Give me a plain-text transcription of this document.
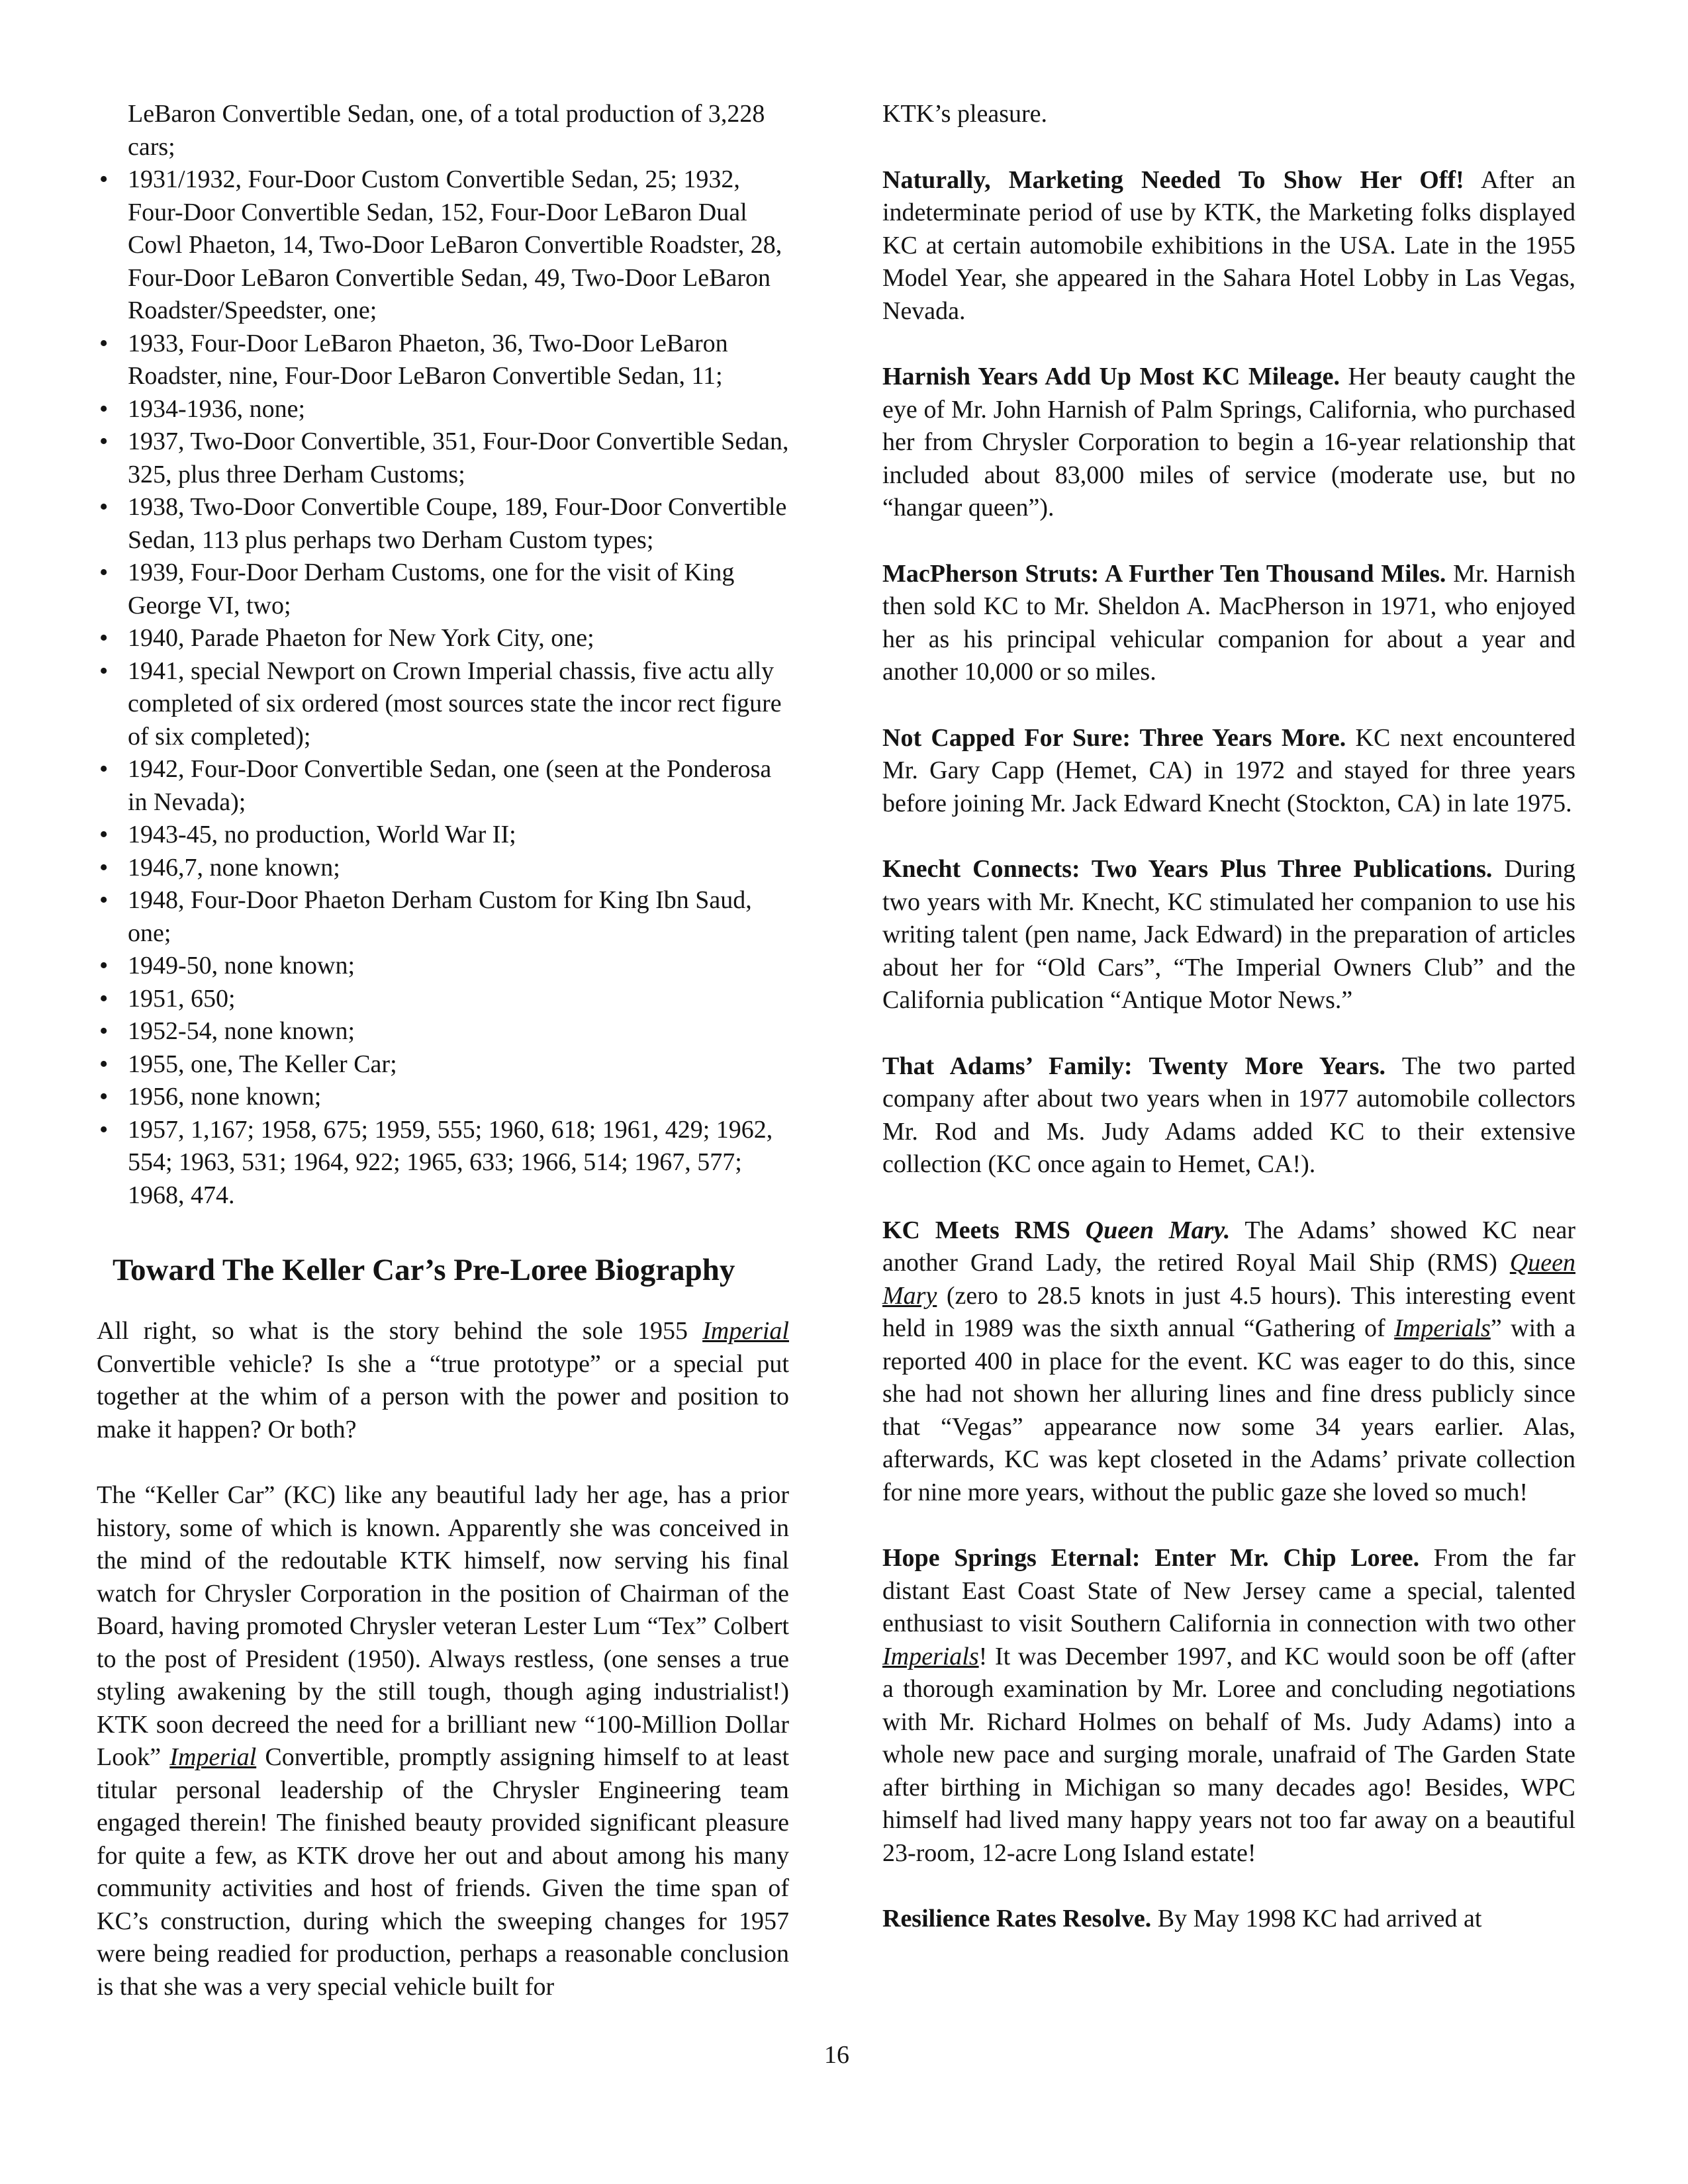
LeBaron Convertible Sedan, one, of a total production of 3,228 cars;

• 1931/1932, Four-Door Custom Convertible Sedan, 25; 1932, Four-Door Convertible Sedan, 152, Four-Door LeBaron Dual Cowl Phaeton, 14, Two-Door LeBaron Convertible Roadster, 28, Four-Door LeBaron Convertible Sedan, 49, Two-Door LeBaron Roadster/Speedster, one;
• 1933, Four-Door LeBaron Phaeton, 36, Two-Door LeBaron Roadster, nine, Four-Door LeBaron Convertible Sedan, 11;
• 1934-1936, none;
• 1937, Two-Door Convertible, 351, Four-Door Convertible Sedan, 325, plus three Derham Customs;
• 1938, Two-Door Convertible Coupe, 189, Four-Door Convertible Sedan, 113 plus perhaps two Derham Custom types;
• 1939, Four-Door Derham Customs, one for the visit of King George VI, two;
• 1940, Parade Phaeton for New York City, one;
• 1941, special Newport on Crown Imperial chassis, five actu ally completed of six ordered (most sources state the incor rect figure of six completed);
• 1942, Four-Door Convertible Sedan, one (seen at the Ponderosa in Nevada);
• 1943-45, no production, World War II;
• 1946,7, none known;
• 1948, Four-Door Phaeton Derham Custom for King Ibn Saud, one;
• 1949-50, none known;
• 1951, 650;
• 1952-54, none known;
• 1955, one, The Keller Car;
• 1956, none known;
• 1957, 1,167; 1958, 675; 1959, 555; 1960, 618; 1961, 429; 1962, 554; 1963, 531; 1964, 922; 1965, 633; 1966, 514; 1967, 577; 1968, 474.
Toward The Keller Car’s Pre-Loree Biography

All right, so what is the story behind the sole 1955 Imperial Convertible vehicle? Is she a “true prototype” or a special put together at the whim of a person with the power and position to make it happen? Or both?

The “Keller Car” (KC) like any beautiful lady her age, has a prior history, some of which is known. Apparently she was conceived in the mind of the redoutable KTK himself, now serving his final watch for Chrysler Corporation in the position of Chairman of the Board, having promoted Chrysler veteran Lester Lum “Tex” Colbert to the post of President (1950). Always restless, (one senses a true styling awakening by the still tough, though aging industrialist!) KTK soon decreed the need for a brilliant new “100-Million Dollar Look” Imperial Convertible, promptly assigning himself to at least titular personal leadership of the Chrysler Engineering team engaged therein! The finished beauty provided significant pleasure for quite a few, as KTK drove her out and about among his many community activities and host of friends. Given the time span of KC’s construction, during which the sweeping changes for 1957 were being readied for production, perhaps a reasonable conclusion is that she was a very special vehicle built for

KTK’s pleasure.

Naturally, Marketing Needed To Show Her Off! After an indeterminate period of use by KTK, the Marketing folks displayed KC at certain automobile exhibitions in the USA. Late in the 1955 Model Year, she appeared in the Sahara Hotel Lobby in Las Vegas, Nevada.

Harnish Years Add Up Most KC Mileage. Her beauty caught the eye of Mr. John Harnish of Palm Springs, California, who purchased her from Chrysler Corporation to begin a 16-year relationship that included about 83,000 miles of service (moderate use, but no “hangar queen”).

MacPherson Struts: A Further Ten Thousand Miles. Mr. Harnish then sold KC to Mr. Sheldon A. MacPherson in 1971, who enjoyed her as his principal vehicular companion for about a year and another 10,000 or so miles.

Not Capped For Sure: Three Years More. KC next encountered Mr. Gary Capp (Hemet, CA) in 1972 and stayed for three years before joining Mr. Jack Edward Knecht (Stockton, CA) in late 1975.

Knecht Connects: Two Years Plus Three Publications. During two years with Mr. Knecht, KC stimulated her companion to use his writing talent (pen name, Jack Edward) in the preparation of articles about her for “Old Cars”, “The Imperial Owners Club” and the California publication “Antique Motor News.”

That Adams’ Family: Twenty More Years. The two parted company after about two years when in 1977 automobile collectors Mr. Rod and Ms. Judy Adams added KC to their extensive collection (KC once again to Hemet, CA!).

KC Meets RMS Queen Mary. The Adams’ showed KC near another Grand Lady, the retired Royal Mail Ship (RMS) Queen Mary (zero to 28.5 knots in just 4.5 hours). This interesting event held in 1989 was the sixth annual “Gathering of Imperials” with a reported 400 in place for the event. KC was eager to do this, since she had not shown her alluring lines and fine dress publicly since that “Vegas” appearance now some 34 years earlier. Alas, afterwards, KC was kept closeted in the Adams’ private collection for nine more years, without the public gaze she loved so much!

Hope Springs Eternal: Enter Mr. Chip Loree. From the far distant East Coast State of New Jersey came a special, talented enthusiast to visit Southern California in connection with two other Imperials! It was December 1997, and KC would soon be off (after a thorough examination by Mr. Loree and concluding negotiations with Mr. Richard Holmes on behalf of Ms. Judy Adams) into a whole new pace and surging morale, unafraid of The Garden State after birthing in Michigan so many decades ago! Besides, WPC himself had lived many happy years not too far away on a beautiful 23-room, 12-acre Long Island estate!

Resilience Rates Resolve. By May 1998 KC had arrived at

16
